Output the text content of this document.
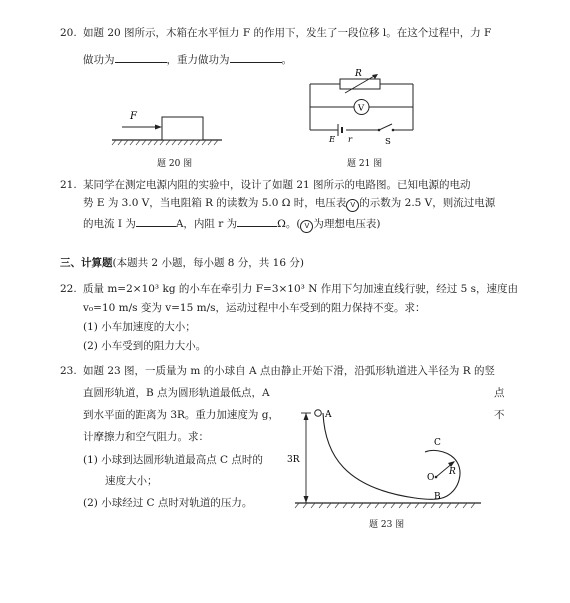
20. 如题 20 图所示，木箱在水平恒力 F 的作用下，发生了一段位移 l。在这个过程中，力 F
做功为	，重力做功为	。
F
题 20 图
R
V
E r	S
题 21 图
21. 某同学在测定电源内阻的实验中，设计了如题 21 图所示的电路图。已知电源的电动
势 E 为 3.0 V，当电阻箱 R 的读数为 5.0 Ω 时，电压表 V 的示数为 2.5 V，则流过电源
的电流 I 为	A，内阻 r 为	Ω。( V 为理想电压表)
三、计算题(本题共 2 小题，每小题 8 分，共 16 分)
22. 质量 m=2×10³ kg 的小车在牵引力 F=3×10³ N 作用下匀加速直线行驶，经过 5 s，速度由
v₀=10 m/s 变为 v=15 m/s，运动过程中小车受到的阻力保持不变。求：
(1) 小车加速度的大小；
(2) 小车受到的阻力大小。
23. 如题 23 图，一质量为 m 的小球自 A 点由静止开始下滑，沿弧形轨道进入半径为 R 的竖
直圆形轨道，B 点为圆形轨道最低点，A	点
到水平面的距离为 3R。重力加速度为 g，	不
计摩擦力和空气阻力。求：
(1) 小球到达圆形轨道最高点 C 点时的
速度大小；
(2) 小球经过 C 点时对轨道的压力。
3R
A
O
R
C
B
题 23 图
